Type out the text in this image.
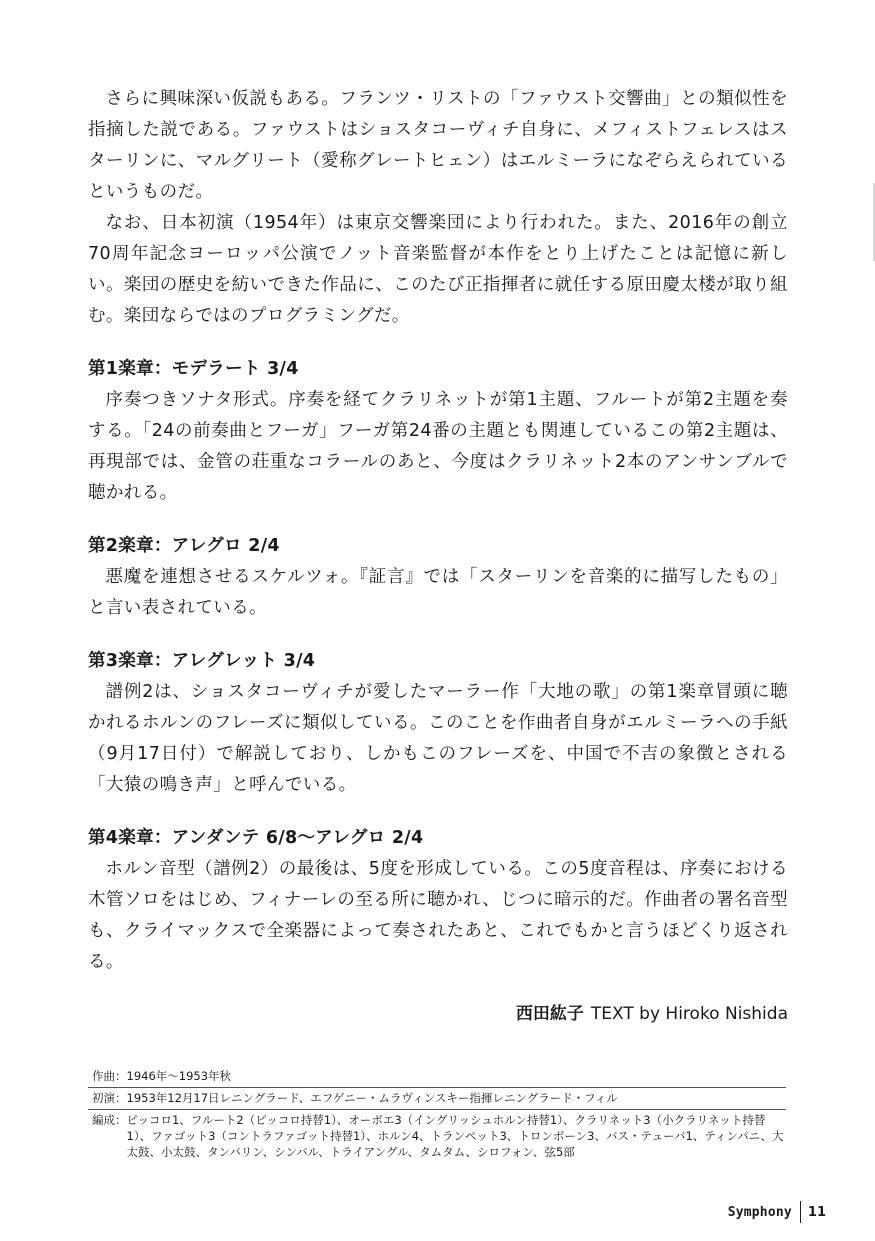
さらに興味深い仮説もある。フランツ・リストの「ファウスト交響曲」との類似性を指摘した説である。ファウストはショスタコーヴィチ自身に、メフィストフェレスはスターリンに、マルグリート（愛称グレートヒェン）はエルミーラになぞらえられているというものだ。

なお、日本初演（1954年）は東京交響楽団により行われた。また、2016年の創立70周年記念ヨーロッパ公演でノット音楽監督が本作をとり上げたことは記憶に新しい。楽団の歴史を紡いできた作品に、このたび正指揮者に就任する原田慶太楼が取り組む。楽団ならではのプログラミングだ。

第1楽章：モデラート 3/4

序奏つきソナタ形式。序奏を経てクラリネットが第1主題、フルートが第2主題を奏する。「24の前奏曲とフーガ」フーガ第24番の主題とも関連しているこの第2主題は、再現部では、金管の荘重なコラールのあと、今度はクラリネット2本のアンサンブルで聴かれる。

第2楽章：アレグロ 2/4

悪魔を連想させるスケルツォ。『証言』では「スターリンを音楽的に描写したもの」と言い表されている。

第3楽章：アレグレット 3/4

譜例2は、ショスタコーヴィチが愛したマーラー作「大地の歌」の第1楽章冒頭に聴かれるホルンのフレーズに類似している。このことを作曲者自身がエルミーラへの手紙（9月17日付）で解説しており、しかもこのフレーズを、中国で不吉の象徴とされる「大猿の鳴き声」と呼んでいる。

第4楽章：アンダンテ 6/8〜アレグロ 2/4

ホルン音型（譜例2）の最後は、5度を形成している。この5度音程は、序奏における木管ソロをはじめ、フィナーレの至る所に聴かれ、じつに暗示的だ。作曲者の署名音型も、クライマックスで全楽器によって奏されたあと、これでもかと言うほどくり返される。

西田紘子 TEXT by Hiroko Nishida
作曲： 1946年〜1953年秋
初演： 1953年12月17日レニングラード、エフゲニー・ムラヴィンスキー指揮レニングラード・フィル
編成： ピッコロ1、フルート2（ピッコロ持替1）、オーボエ3（イングリッシュホルン持替1）、クラリネット3（小クラリネット持替1）、ファゴット3（コントラファゴット持替1）、ホルン4、トランペット3、トロンボーン3、バス・テューバ1、ティンパニ、大太鼓、小太鼓、タンバリン、シンバル、トライアングル、タムタム、シロフォン、弦5部
Symphony 11
